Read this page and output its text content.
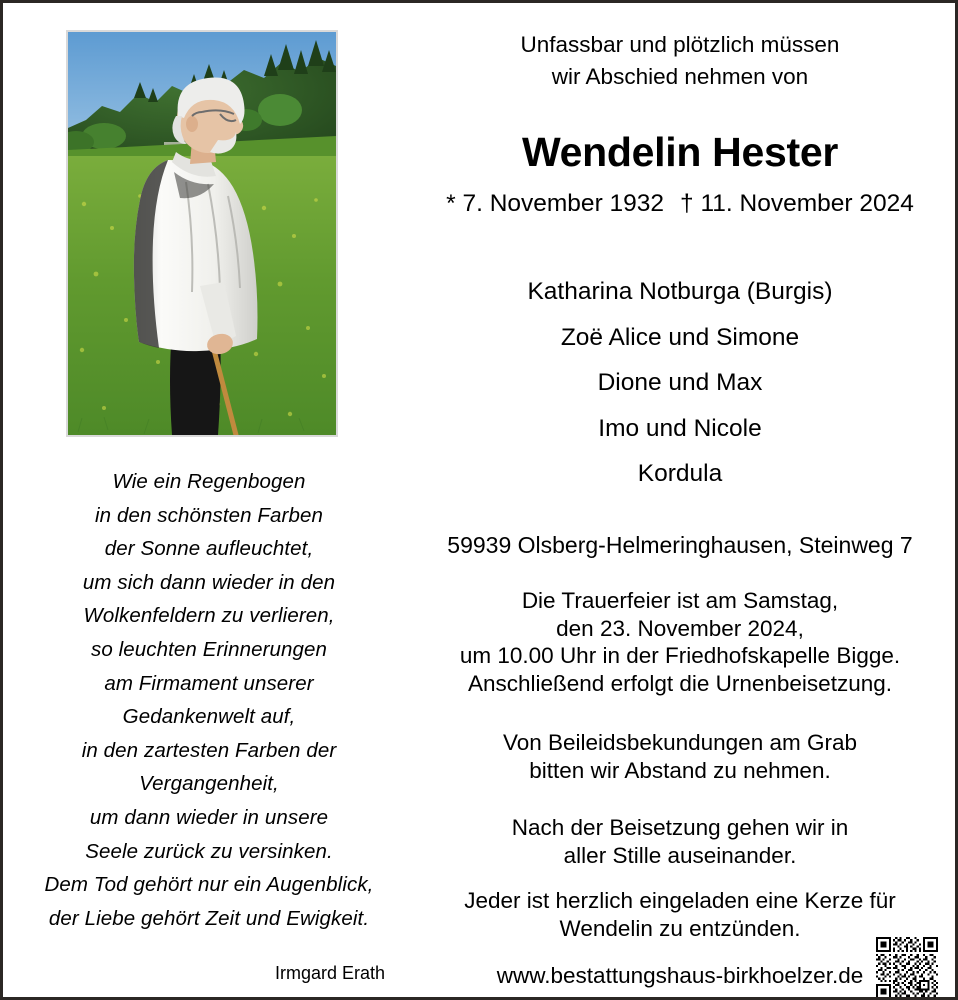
Wie ein Regenbogen
in den schönsten Farben
der Sonne aufleuchtet,
um sich dann wieder in den
Wolkenfeldern zu verlieren,
so leuchten Erinnerungen
am Firmament unserer
Gedankenwelt auf,
in den zartesten Farben der
Vergangenheit,
um dann wieder in unsere
Seele zurück zu versinken.
Dem Tod gehört nur ein Augenblick,
der Liebe gehört Zeit und Ewigkeit.
Irmgard Erath
Unfassbar und plötzlich müssen
wir Abschied nehmen von
Wendelin Hester
* 7. November 1932 † 11. November 2024
Katharina Notburga (Burgis)
Zoë Alice und Simone
Dione und Max
Imo und Nicole
Kordula
59939 Olsberg-Helmeringhausen, Steinweg 7
Die Trauerfeier ist am Samstag,
den 23. November 2024,
um 10.00 Uhr in der Friedhofskapelle Bigge.
Anschließend erfolgt die Urnenbeisetzung.
Von Beileidsbekundungen am Grab
bitten wir Abstand zu nehmen.
Nach der Beisetzung gehen wir in
aller Stille auseinander.
Jeder ist herzlich eingeladen eine Kerze für
Wendelin zu entzünden.
www.bestattungshaus-birkhoelzer.de
